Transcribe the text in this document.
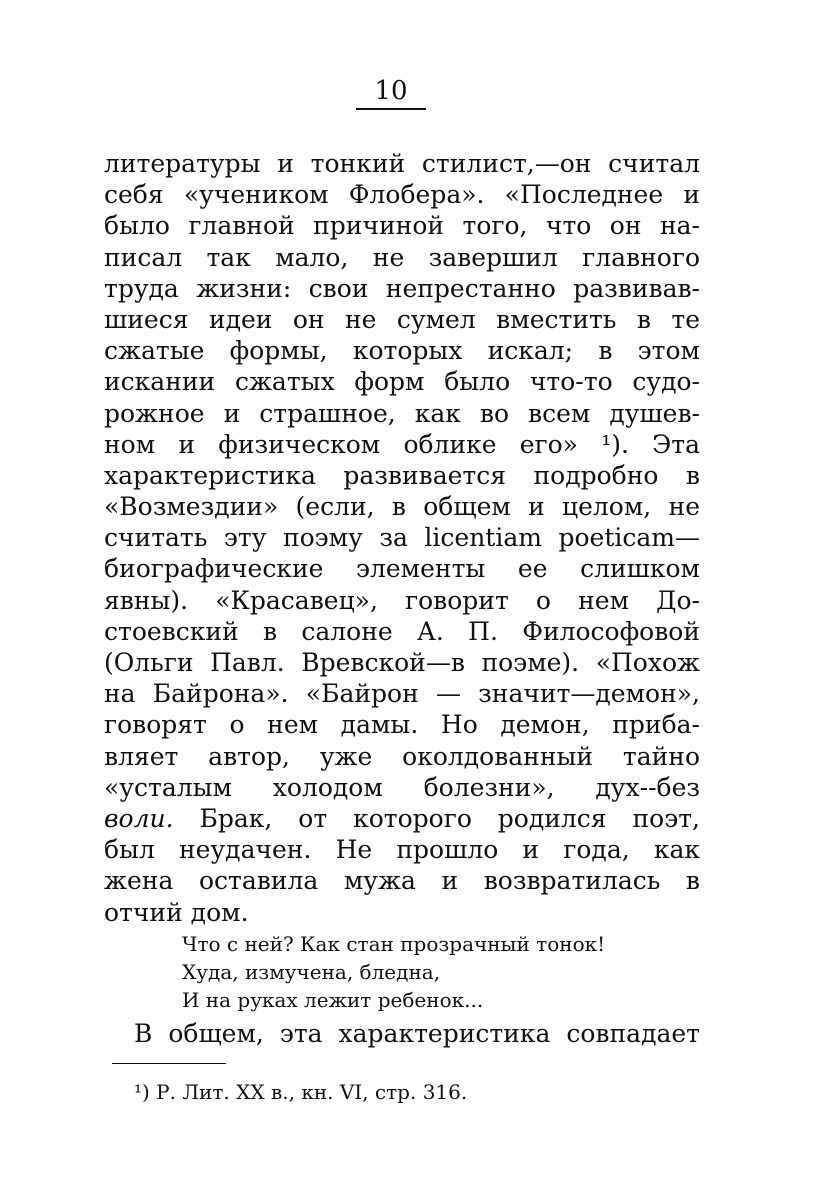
10
литературы и тонкий стилист,—он считал
себя «учеником Флобера». «Последнее и
было главной причиной того, что он на-
писал так мало, не завершил главного
труда жизни: свои непрестанно развивав-
шиеся идеи он не сумел вместить в те
сжатые формы, которых искал; в этом
искании сжатых форм было что-то судо-
рожное и страшное, как во всем душев-
ном и физическом облике его» ¹). Эта
характеристика развивается подробно в
«Возмездии» (если, в общем и целом, не
считать эту поэму за licentiam poeticam—
биографические элементы ее слишком
явны). «Красавец», говорит о нем До-
стоевский в салоне А. П. Философовой
(Ольги Павл. Вревской—в поэме). «Похож
на Байрона». «Байрон — значит—демон»,
говорят о нем дамы. Но демон, приба-
вляет автор, уже околдованный тайно
«усталым холодом болезни», дух--без
воли. Брак, от которого родился поэт,
был неудачен. Не прошло и года, как
жена оставила мужа и возвратилась в
отчий дом.
Что с ней? Как стан прозрачный тонок!
Худа, измучена, бледна,
И на руках лежит ребенок...
В общем, эта характеристика совпадает
¹) Р. Лит. XX в., кн. VI, стр. 316.
